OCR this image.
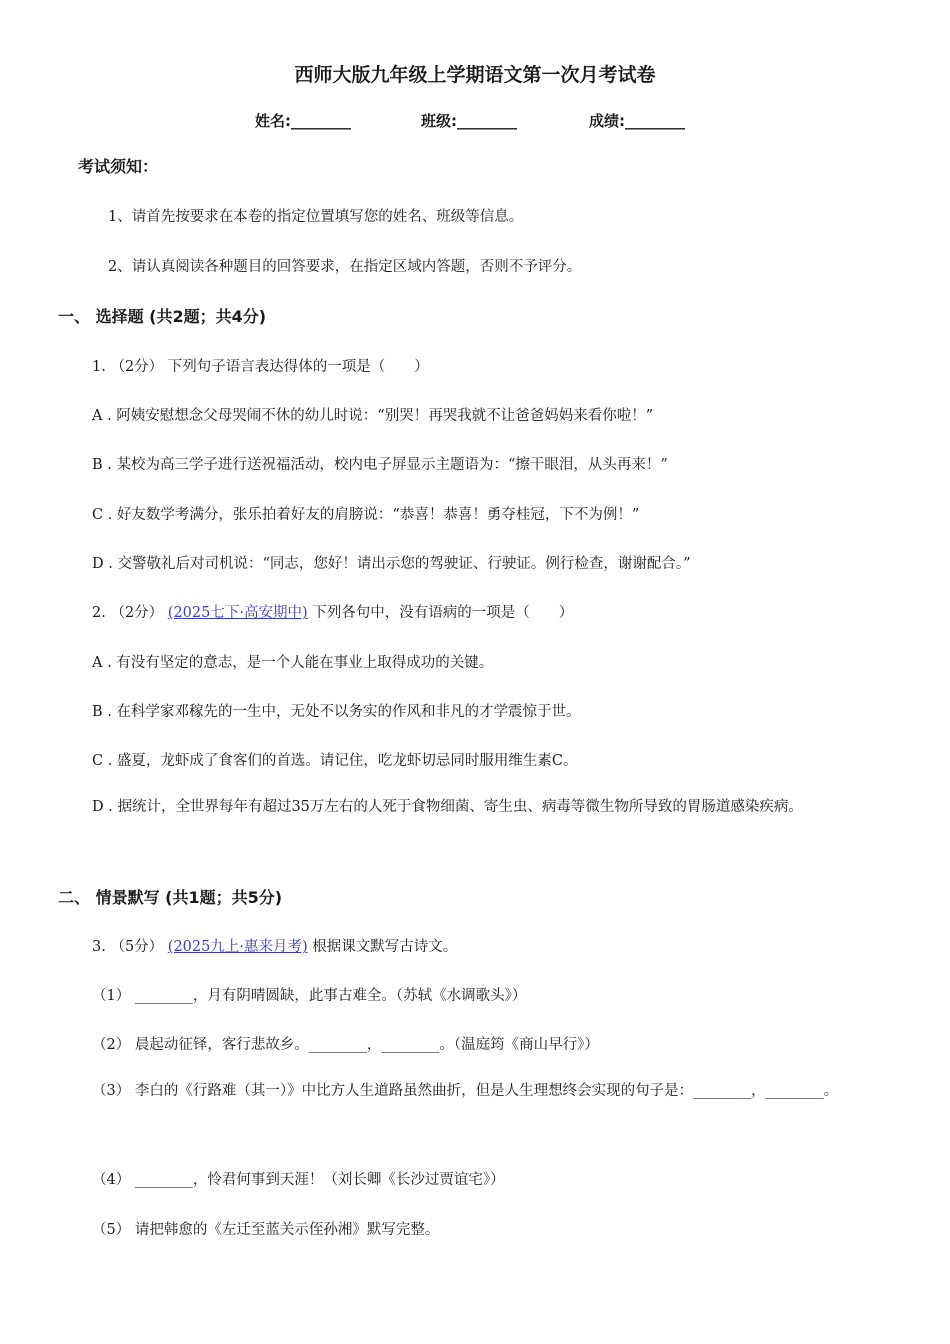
西师大版九年级上学期语文第一次月考试卷
姓名:________	班级:________	成绩:________
考试须知：
1、请首先按要求在本卷的指定位置填写您的姓名、班级等信息。
2、请认真阅读各种题目的回答要求，在指定区域内答题，否则不予评分。
一、 选择题 (共2题；共4分)
1. （2分） 下列句子语言表达得体的一项是（　　）
A . 阿姨安慰想念父母哭闹不休的幼儿时说：“别哭！再哭我就不让爸爸妈妈来看你啦！”
B . 某校为高三学子进行送祝福活动，校内电子屏显示主题语为：“擦干眼泪，从头再来！”
C . 好友数学考满分，张乐拍着好友的肩膀说：“恭喜！恭喜！勇夺桂冠，下不为例！”
D . 交警敬礼后对司机说：“同志，您好！请出示您的驾驶证、行驶证。例行检查，谢谢配合。”
2. （2分） (2025七下·高安期中) 下列各句中，没有语病的一项是（　　）
A . 有没有坚定的意志，是一个人能在事业上取得成功的关键。
B . 在科学家邓稼先的一生中，无处不以务实的作风和非凡的才学震惊于世。
C . 盛夏，龙虾成了食客们的首选。请记住，吃龙虾切忌同时服用维生素C。
D . 据统计，全世界每年有超过35万左右的人死于食物细菌、寄生虫、病毒等微生物所导致的胃肠道感染疾病。
二、 情景默写 (共1题；共5分)
3. （5分） (2025九上·惠来月考) 根据课文默写古诗文。
（1） ________，月有阴晴圆缺，此事古难全。（苏轼《水调歌头》）
（2） 晨起动征铎，客行悲故乡。________，________。（温庭筠《商山早行》）
（3） 李白的《行路难（其一）》中比方人生道路虽然曲折，但是人生理想终会实现的句子是：________，________。
（4） ________，怜君何事到天涯！（刘长卿《长沙过贾谊宅》）
（5） 请把韩愈的《左迁至蓝关示侄孙湘》默写完整。
